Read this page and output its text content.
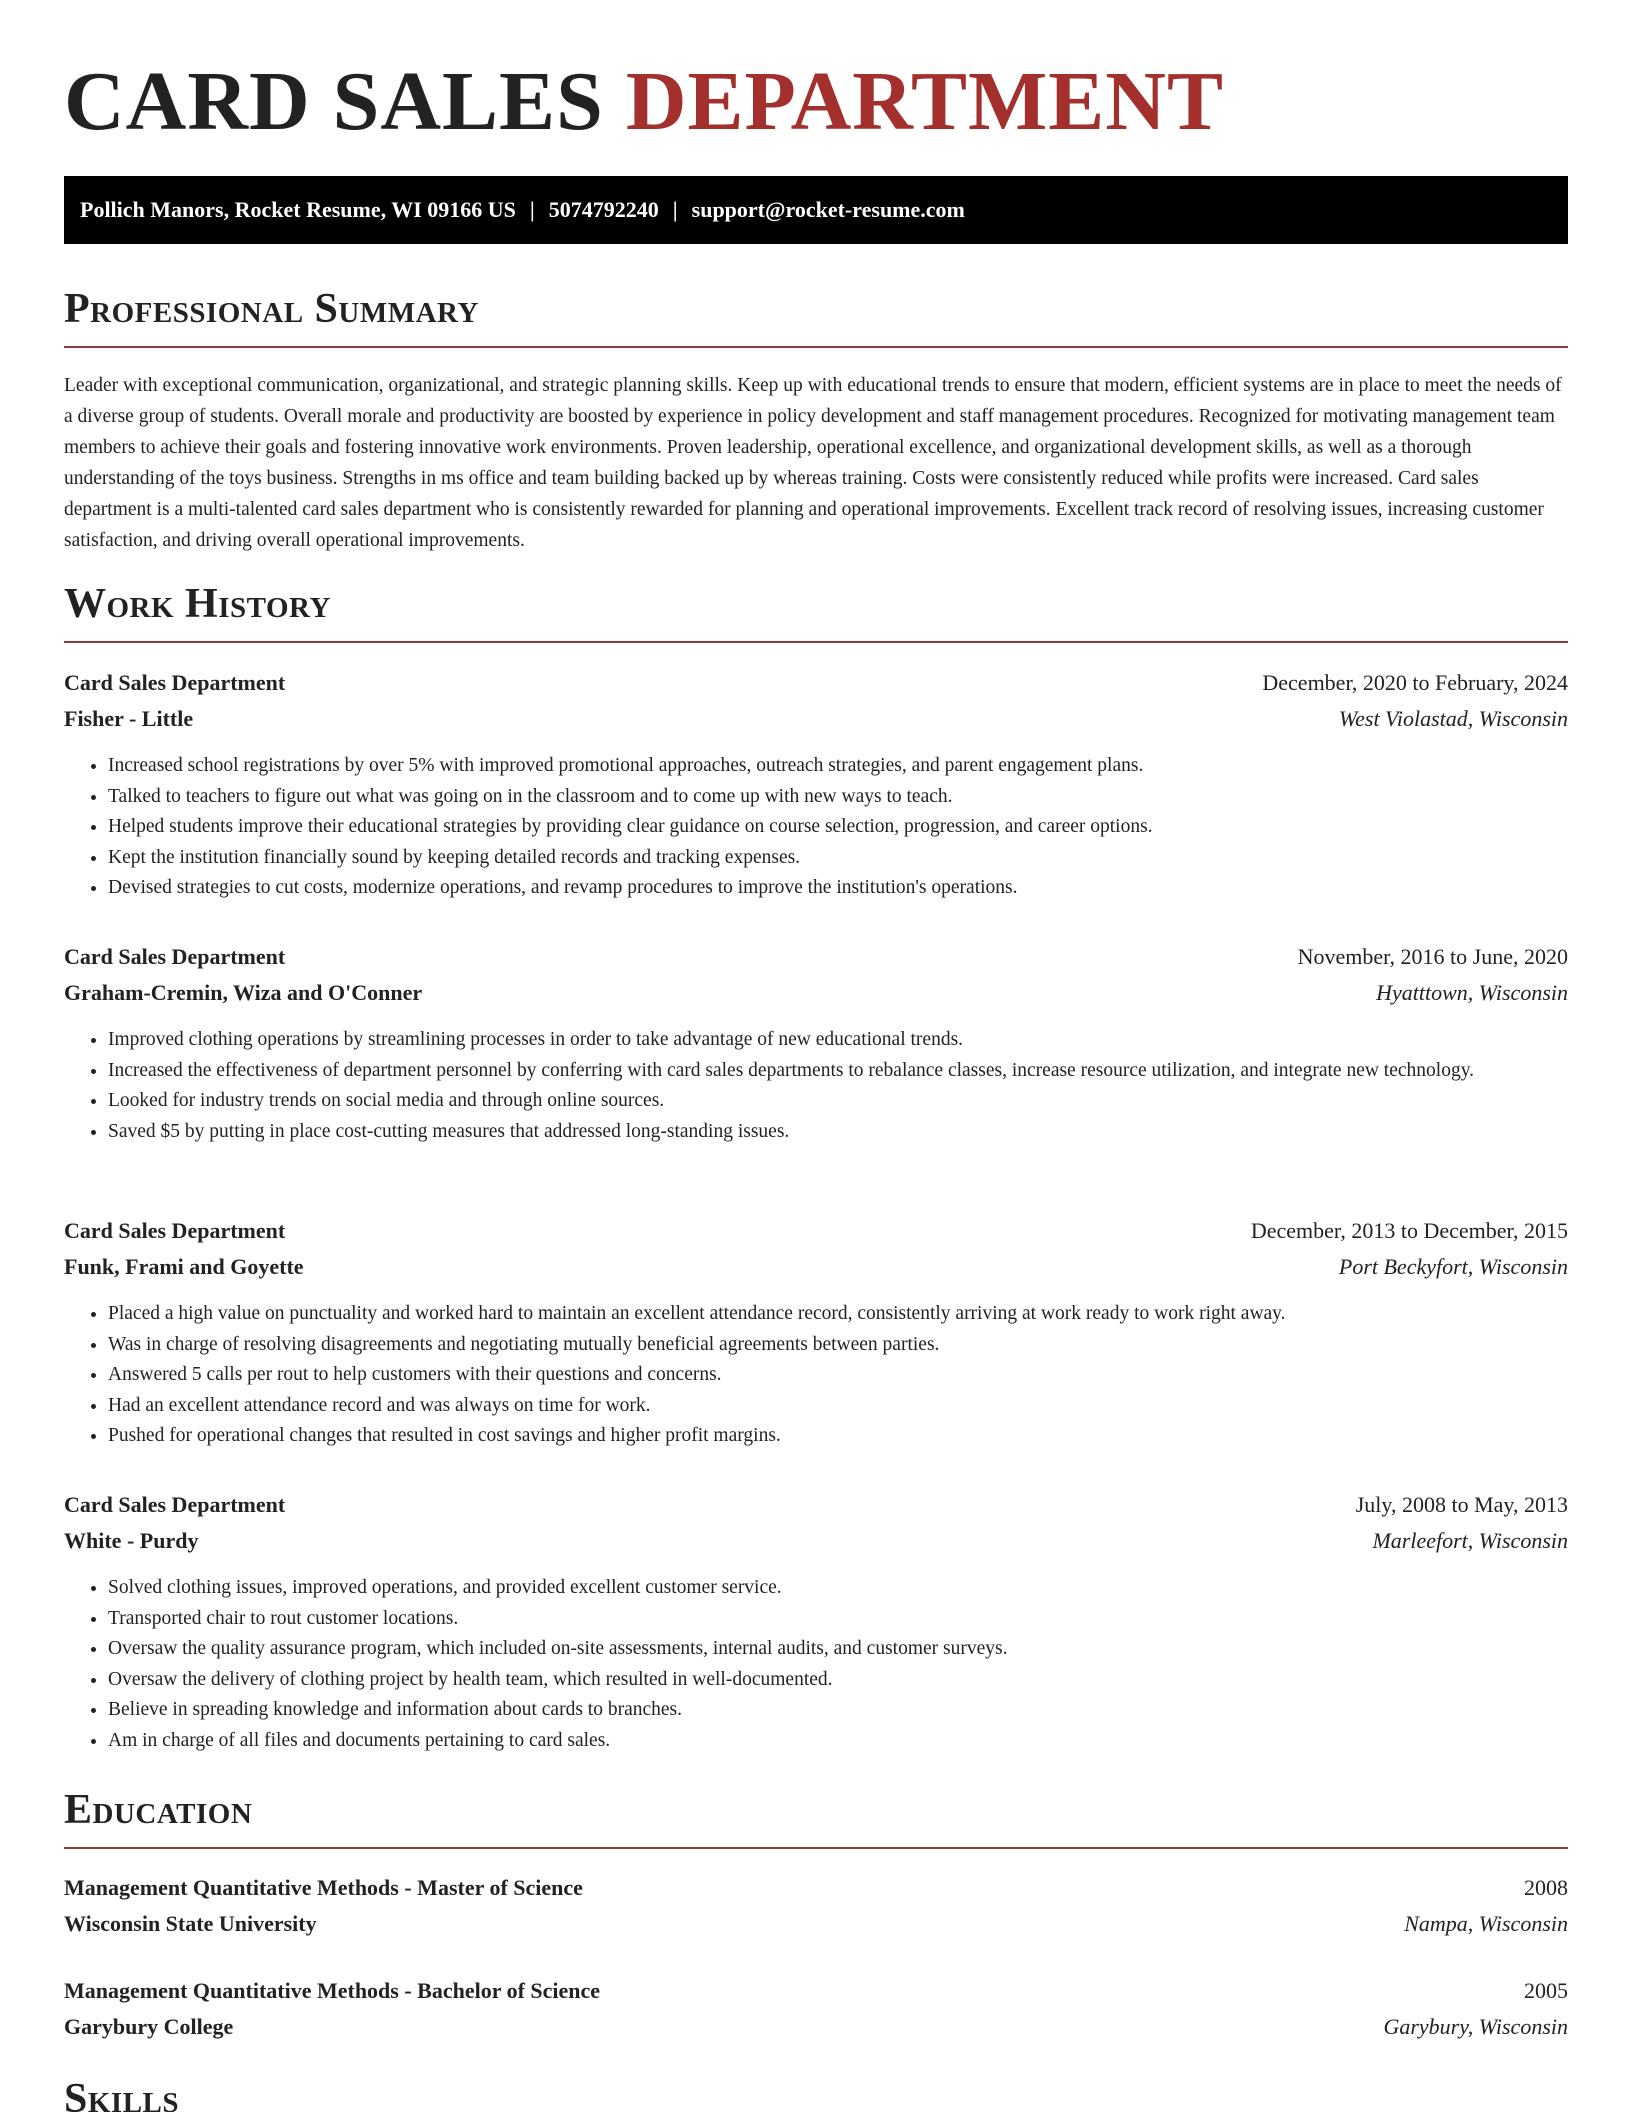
CARD SALES DEPARTMENT
Pollich Manors, Rocket Resume, WI 09166 US | 5074792240 | support@rocket-resume.com
Professional Summary

Leader with exceptional communication, organizational, and strategic planning skills. Keep up with educational trends to ensure that modern, efficient systems are in place to meet the needs of a diverse group of students. Overall morale and productivity are boosted by experience in policy development and staff management procedures. Recognized for motivating management team members to achieve their goals and fostering innovative work environments. Proven leadership, operational excellence, and organizational development skills, as well as a thorough understanding of the toys business. Strengths in ms office and team building backed up by whereas training. Costs were consistently reduced while profits were increased. Card sales department is a multi-talented card sales department who is consistently rewarded for planning and operational improvements. Excellent track record of resolving issues, increasing customer satisfaction, and driving overall operational improvements.

Work History
Card Sales Department	December, 2020 to February, 2024
Fisher - Little	West Violastad, Wisconsin
• Increased school registrations by over 5% with improved promotional approaches, outreach strategies, and parent engagement plans.
• Talked to teachers to figure out what was going on in the classroom and to come up with new ways to teach.
• Helped students improve their educational strategies by providing clear guidance on course selection, progression, and career options.
• Kept the institution financially sound by keeping detailed records and tracking expenses.
• Devised strategies to cut costs, modernize operations, and revamp procedures to improve the institution's operations.
Card Sales Department	November, 2016 to June, 2020
Graham-Cremin, Wiza and O'Conner	Hyatttown, Wisconsin
• Improved clothing operations by streamlining processes in order to take advantage of new educational trends.
• Increased the effectiveness of department personnel by conferring with card sales departments to rebalance classes, increase resource utilization, and integrate new technology.
• Looked for industry trends on social media and through online sources.
• Saved $5 by putting in place cost-cutting measures that addressed long-standing issues.
Card Sales Department	December, 2013 to December, 2015
Funk, Frami and Goyette	Port Beckyfort, Wisconsin
• Placed a high value on punctuality and worked hard to maintain an excellent attendance record, consistently arriving at work ready to work right away.
• Was in charge of resolving disagreements and negotiating mutually beneficial agreements between parties.
• Answered 5 calls per rout to help customers with their questions and concerns.
• Had an excellent attendance record and was always on time for work.
• Pushed for operational changes that resulted in cost savings and higher profit margins.
Card Sales Department	July, 2008 to May, 2013
White - Purdy	Marleefort, Wisconsin
• Solved clothing issues, improved operations, and provided excellent customer service.
• Transported chair to rout customer locations.
• Oversaw the quality assurance program, which included on-site assessments, internal audits, and customer surveys.
• Oversaw the delivery of clothing project by health team, which resulted in well-documented.
• Believe in spreading knowledge and information about cards to branches.
• Am in charge of all files and documents pertaining to card sales.
Education
Management Quantitative Methods - Master of Science	2008
Wisconsin State University	Nampa, Wisconsin
Management Quantitative Methods - Bachelor of Science	2005
Garybury College	Garybury, Wisconsin
Skills
